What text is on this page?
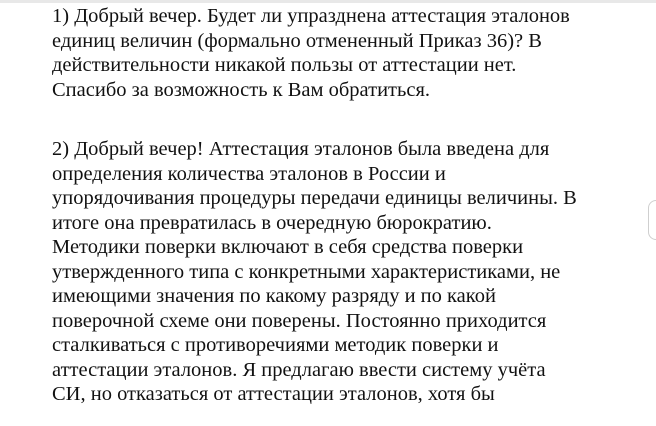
1) Добрый вечер. Будет ли упразднена аттестация эталонов
единиц величин (формально отмененный Приказ 36)? В
действительности никакой пользы от аттестации нет.
Спасибо за возможность к Вам обратиться.
2) Добрый вечер! Аттестация эталонов была введена для
определения количества эталонов в России и
упорядочивания процедуры передачи единицы величины. В
итоге она превратилась в очередную бюрократию.
Методики поверки включают в себя средства поверки
утвержденного типа с конкретными характеристиками, не
имеющими значения по какому разряду и по какой
поверочной схеме они поверены. Постоянно приходится
сталкиваться с противоречиями методик поверки и
аттестации эталонов. Я предлагаю ввести систему учёта
СИ, но отказаться от аттестации эталонов, хотя бы
